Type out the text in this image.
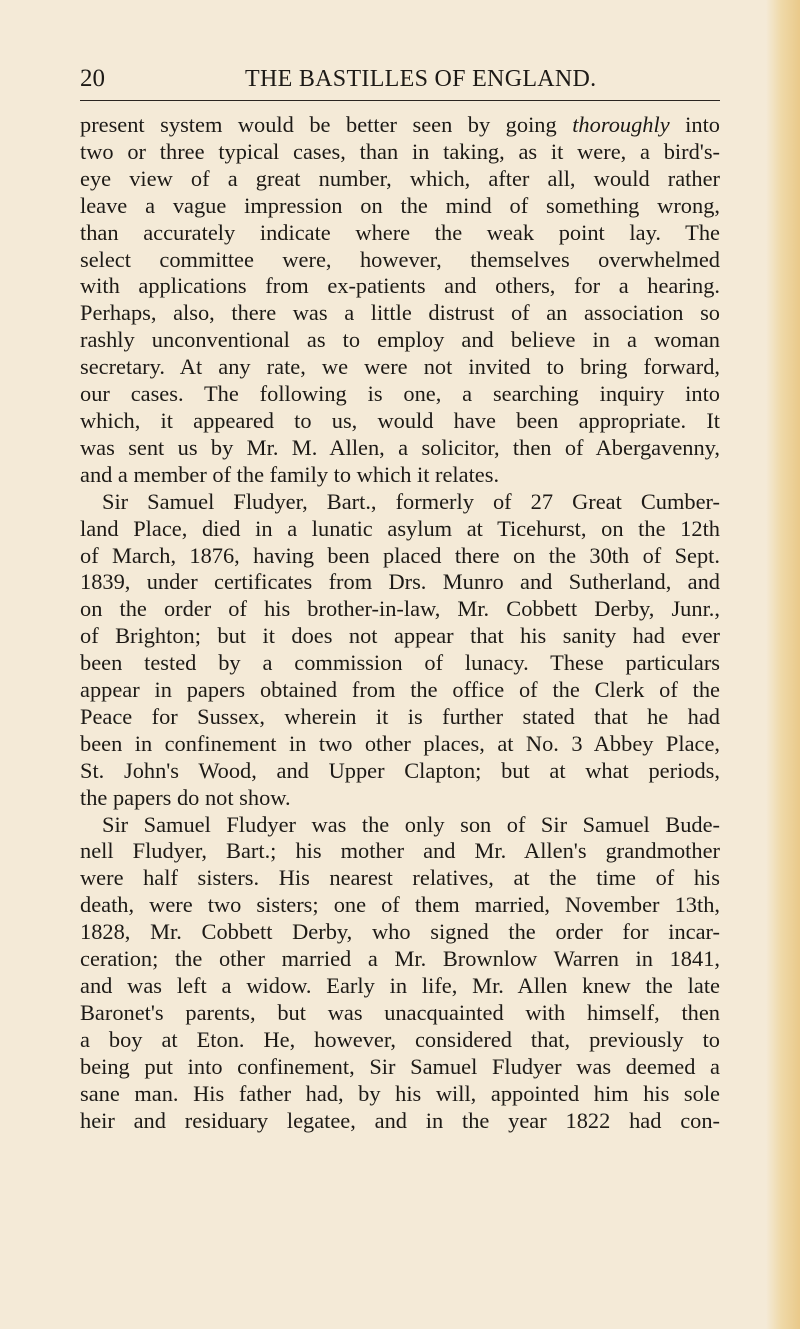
20	THE BASTILLES OF ENGLAND.
present system would be better seen by going thoroughly into
two or three typical cases, than in taking, as it were, a bird's-
eye view of a great number, which, after all, would rather
leave a vague impression on the mind of something wrong,
than accurately indicate where the weak point lay. The
select committee were, however, themselves overwhelmed
with applications from ex-patients and others, for a hearing.
Perhaps, also, there was a little distrust of an association so
rashly unconventional as to employ and believe in a woman
secretary. At any rate, we were not invited to bring forward,
our cases. The following is one, a searching inquiry into
which, it appeared to us, would have been appropriate. It
was sent us by Mr. M. Allen, a solicitor, then of Abergavenny,
and a member of the family to which it relates.
Sir Samuel Fludyer, Bart., formerly of 27 Great Cumber-
land Place, died in a lunatic asylum at Ticehurst, on the 12th
of March, 1876, having been placed there on the 30th of Sept.
1839, under certificates from Drs. Munro and Sutherland, and
on the order of his brother-in-law, Mr. Cobbett Derby, Junr.,
of Brighton; but it does not appear that his sanity had ever
been tested by a commission of lunacy. These particulars
appear in papers obtained from the office of the Clerk of the
Peace for Sussex, wherein it is further stated that he had
been in confinement in two other places, at No. 3 Abbey Place,
St. John's Wood, and Upper Clapton; but at what periods,
the papers do not show.
Sir Samuel Fludyer was the only son of Sir Samuel Bude-
nell Fludyer, Bart.; his mother and Mr. Allen's grandmother
were half sisters. His nearest relatives, at the time of his
death, were two sisters; one of them married, November 13th,
1828, Mr. Cobbett Derby, who signed the order for incar-
ceration; the other married a Mr. Brownlow Warren in 1841,
and was left a widow. Early in life, Mr. Allen knew the late
Baronet's parents, but was unacquainted with himself, then
a boy at Eton. He, however, considered that, previously to
being put into confinement, Sir Samuel Fludyer was deemed a
sane man. His father had, by his will, appointed him his sole
heir and residuary legatee, and in the year 1822 had con-
